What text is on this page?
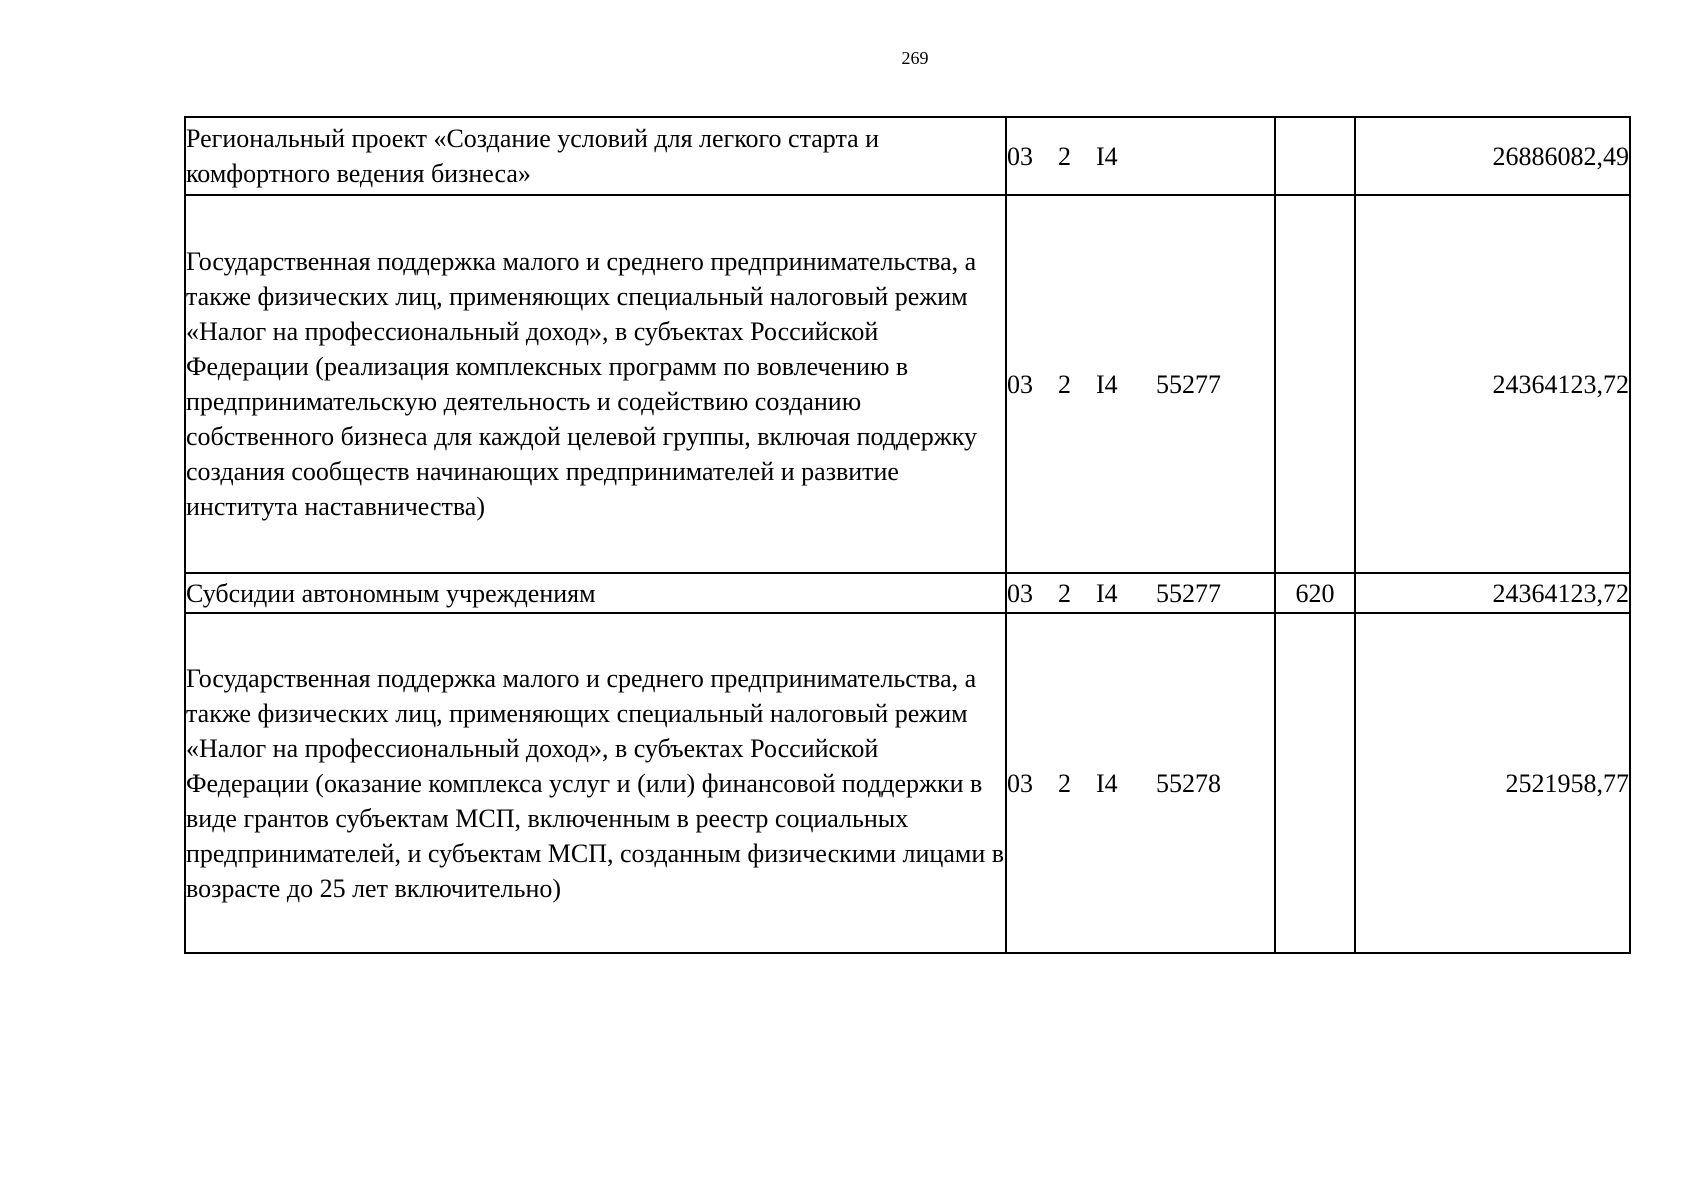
269
Региональный проект «Создание условий для легкого старта и комфортного ведения бизнеса»	03 2 I4		26886082,49
Государственная поддержка малого и среднего предпринимательства, а также физических лиц, применяющих специальный налоговый режим «Налог на профессиональный доход», в субъектах Российской Федерации (реализация комплексных программ по вовлечению в предпринимательскую деятельность и содействию созданию собственного бизнеса для каждой целевой группы, включая поддержку создания сообществ начинающих предпринимателей и развитие института наставничества)	03 2 I4 55277		24364123,72
Субсидии автономным учреждениям	03 2 I4 55277	620	24364123,72
Государственная поддержка малого и среднего предпринимательства, а также физических лиц, применяющих специальный налоговый режим «Налог на профессиональный доход», в субъектах Российской Федерации (оказание комплекса услуг и (или) финансовой поддержки в виде грантов субъектам МСП, включенным в реестр социальных предпринимателей, и субъектам МСП, созданным физическими лицами в возрасте до 25 лет включительно)	03 2 I4 55278		2521958,77
